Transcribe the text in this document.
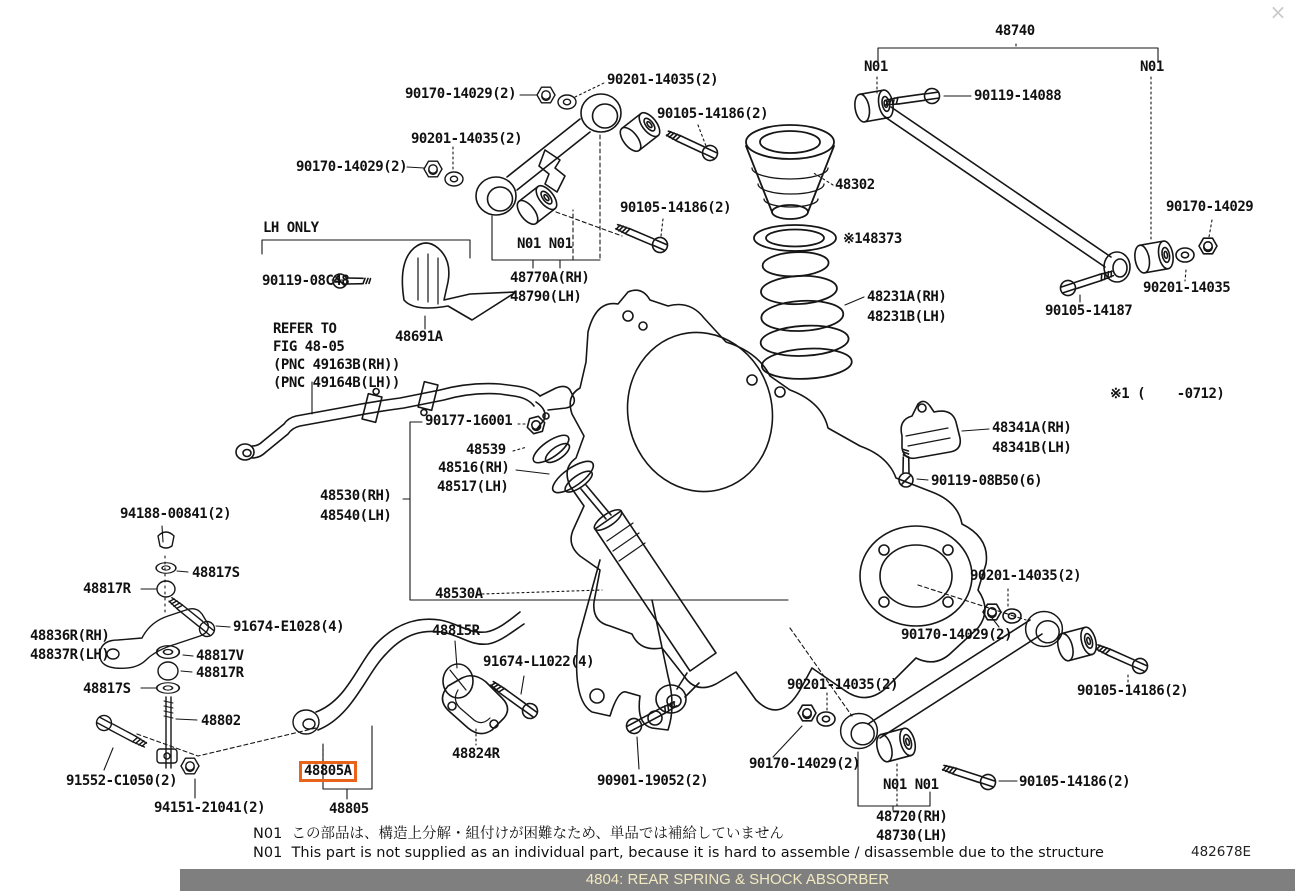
90201-14035(2)
90170-14029(2)
90105-14186(2)
90201-14035(2)
90170-14029(2)
90105-14186(2)
N01 N01
48770A(RH)
48790(LH)
48740
N01	N01
90119-14088
90170-14029
90201-14035
90105-14187
48302
※148373
48231A(RH)
48231B(LH)
※1 (    -0712)
LH ONLY
90119-08C48
REFER TO
FIG 48-05
(PNC 49163B(RH))
(PNC 49164B(LH))
48691A
90177-16001
48539
48516(RH)
48517(LH)
48530(RH)
48540(LH)
48341A(RH)
48341B(LH)
90119-08B50(6)
94188-00841(2)
48817S
48817R
48836R(RH)
48837R(LH)
91674-E1028(4)
48817V
48817R
48817S
48802
91552-C1050(2)
94151-21041(2)
48805A
48805
48530A
48815R
91674-L1022(4)
48824R
90901-19052(2)
90201-14035(2)
90170-14029(2)
90105-14186(2)
90201-14035(2)
90170-14029(2)
N01 N01
48720(RH)
48730(LH)
90105-14186(2)
N01  この部品は、構造上分解・組付けが困難なため、単品では補給していません
N01  This part is not supplied as an individual part, because it is hard to assemble / disassemble due to the structure	482678E
4804: REAR SPRING & SHOCK ABSORBER
×
